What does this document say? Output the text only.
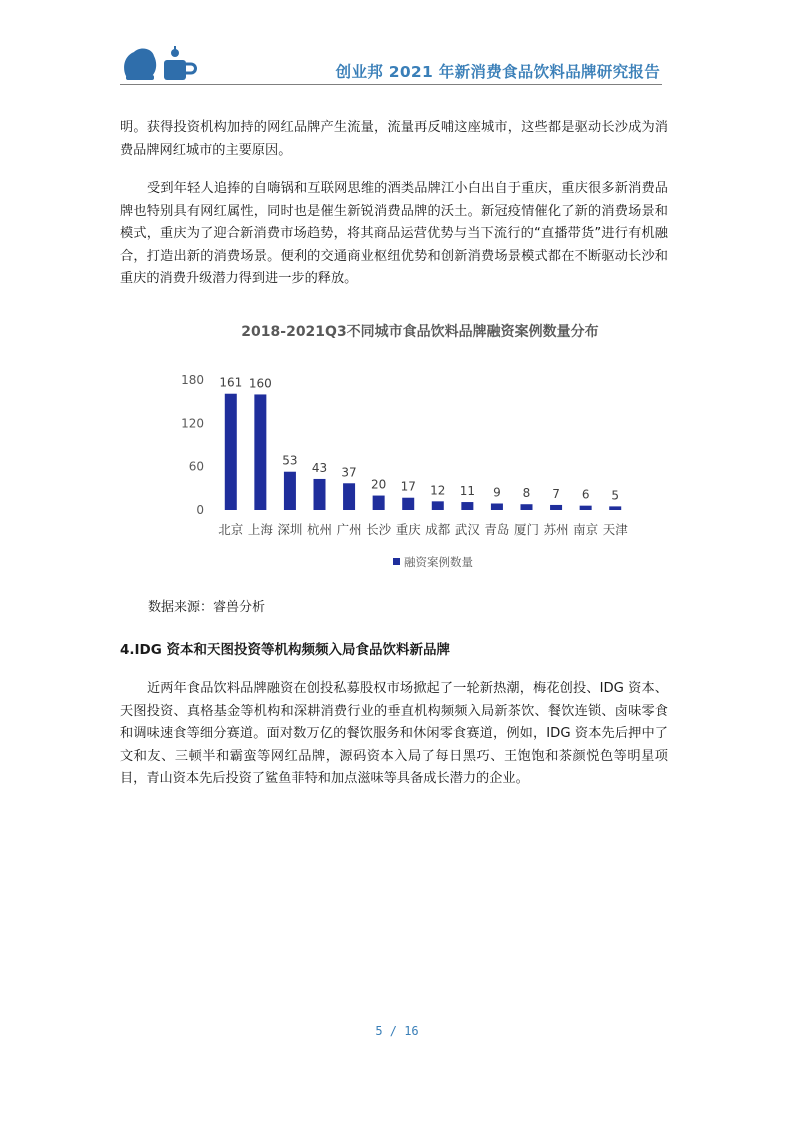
创业邦 2021 年新消费食品饮料品牌研究报告

明。获得投资机构加持的网红品牌产生流量，流量再反哺这座城市，这些都是驱动长沙成为消费品牌网红城市的主要原因。

受到年轻人追捧的自嗨锅和互联网思维的酒类品牌江小白出自于重庆，重庆很多新消费品牌也特别具有网红属性，同时也是催生新锐消费品牌的沃土。新冠疫情催化了新的消费场景和模式，重庆为了迎合新消费市场趋势，将其商品运营优势与当下流行的“直播带货”进行有机融合，打造出新的消费场景。便利的交通商业枢纽优势和创新消费场景模式都在不断驱动长沙和重庆的消费升级潜力得到进一步的释放。

2018-2021Q3不同城市食品饮料品牌融资案例数量分布
0
60
120
180 161
北京
160
上海
53
深圳
43
杭州
37
广州
20
长沙
17
重庆
12
成都
11
武汉
9
青岛
8
厦门
7
苏州
6
南京
5
天津
融资案例数量
数据来源：睿兽分析
4.IDG 资本和天图投资等机构频频入局食品饮料新品牌

近两年食品饮料品牌融资在创投私募股权市场掀起了一轮新热潮，梅花创投、IDG 资本、天图投资、真格基金等机构和深耕消费行业的垂直机构频频入局新茶饮、餐饮连锁、卤味零食和调味速食等细分赛道。面对数万亿的餐饮服务和休闲零食赛道，例如，IDG 资本先后押中了文和友、三顿半和霸蛮等网红品牌，源码资本入局了每日黑巧、王饱饱和茶颜悦色等明星项目，青山资本先后投资了鲨鱼菲特和加点滋味等具备成长潜力的企业。

5 / 16
